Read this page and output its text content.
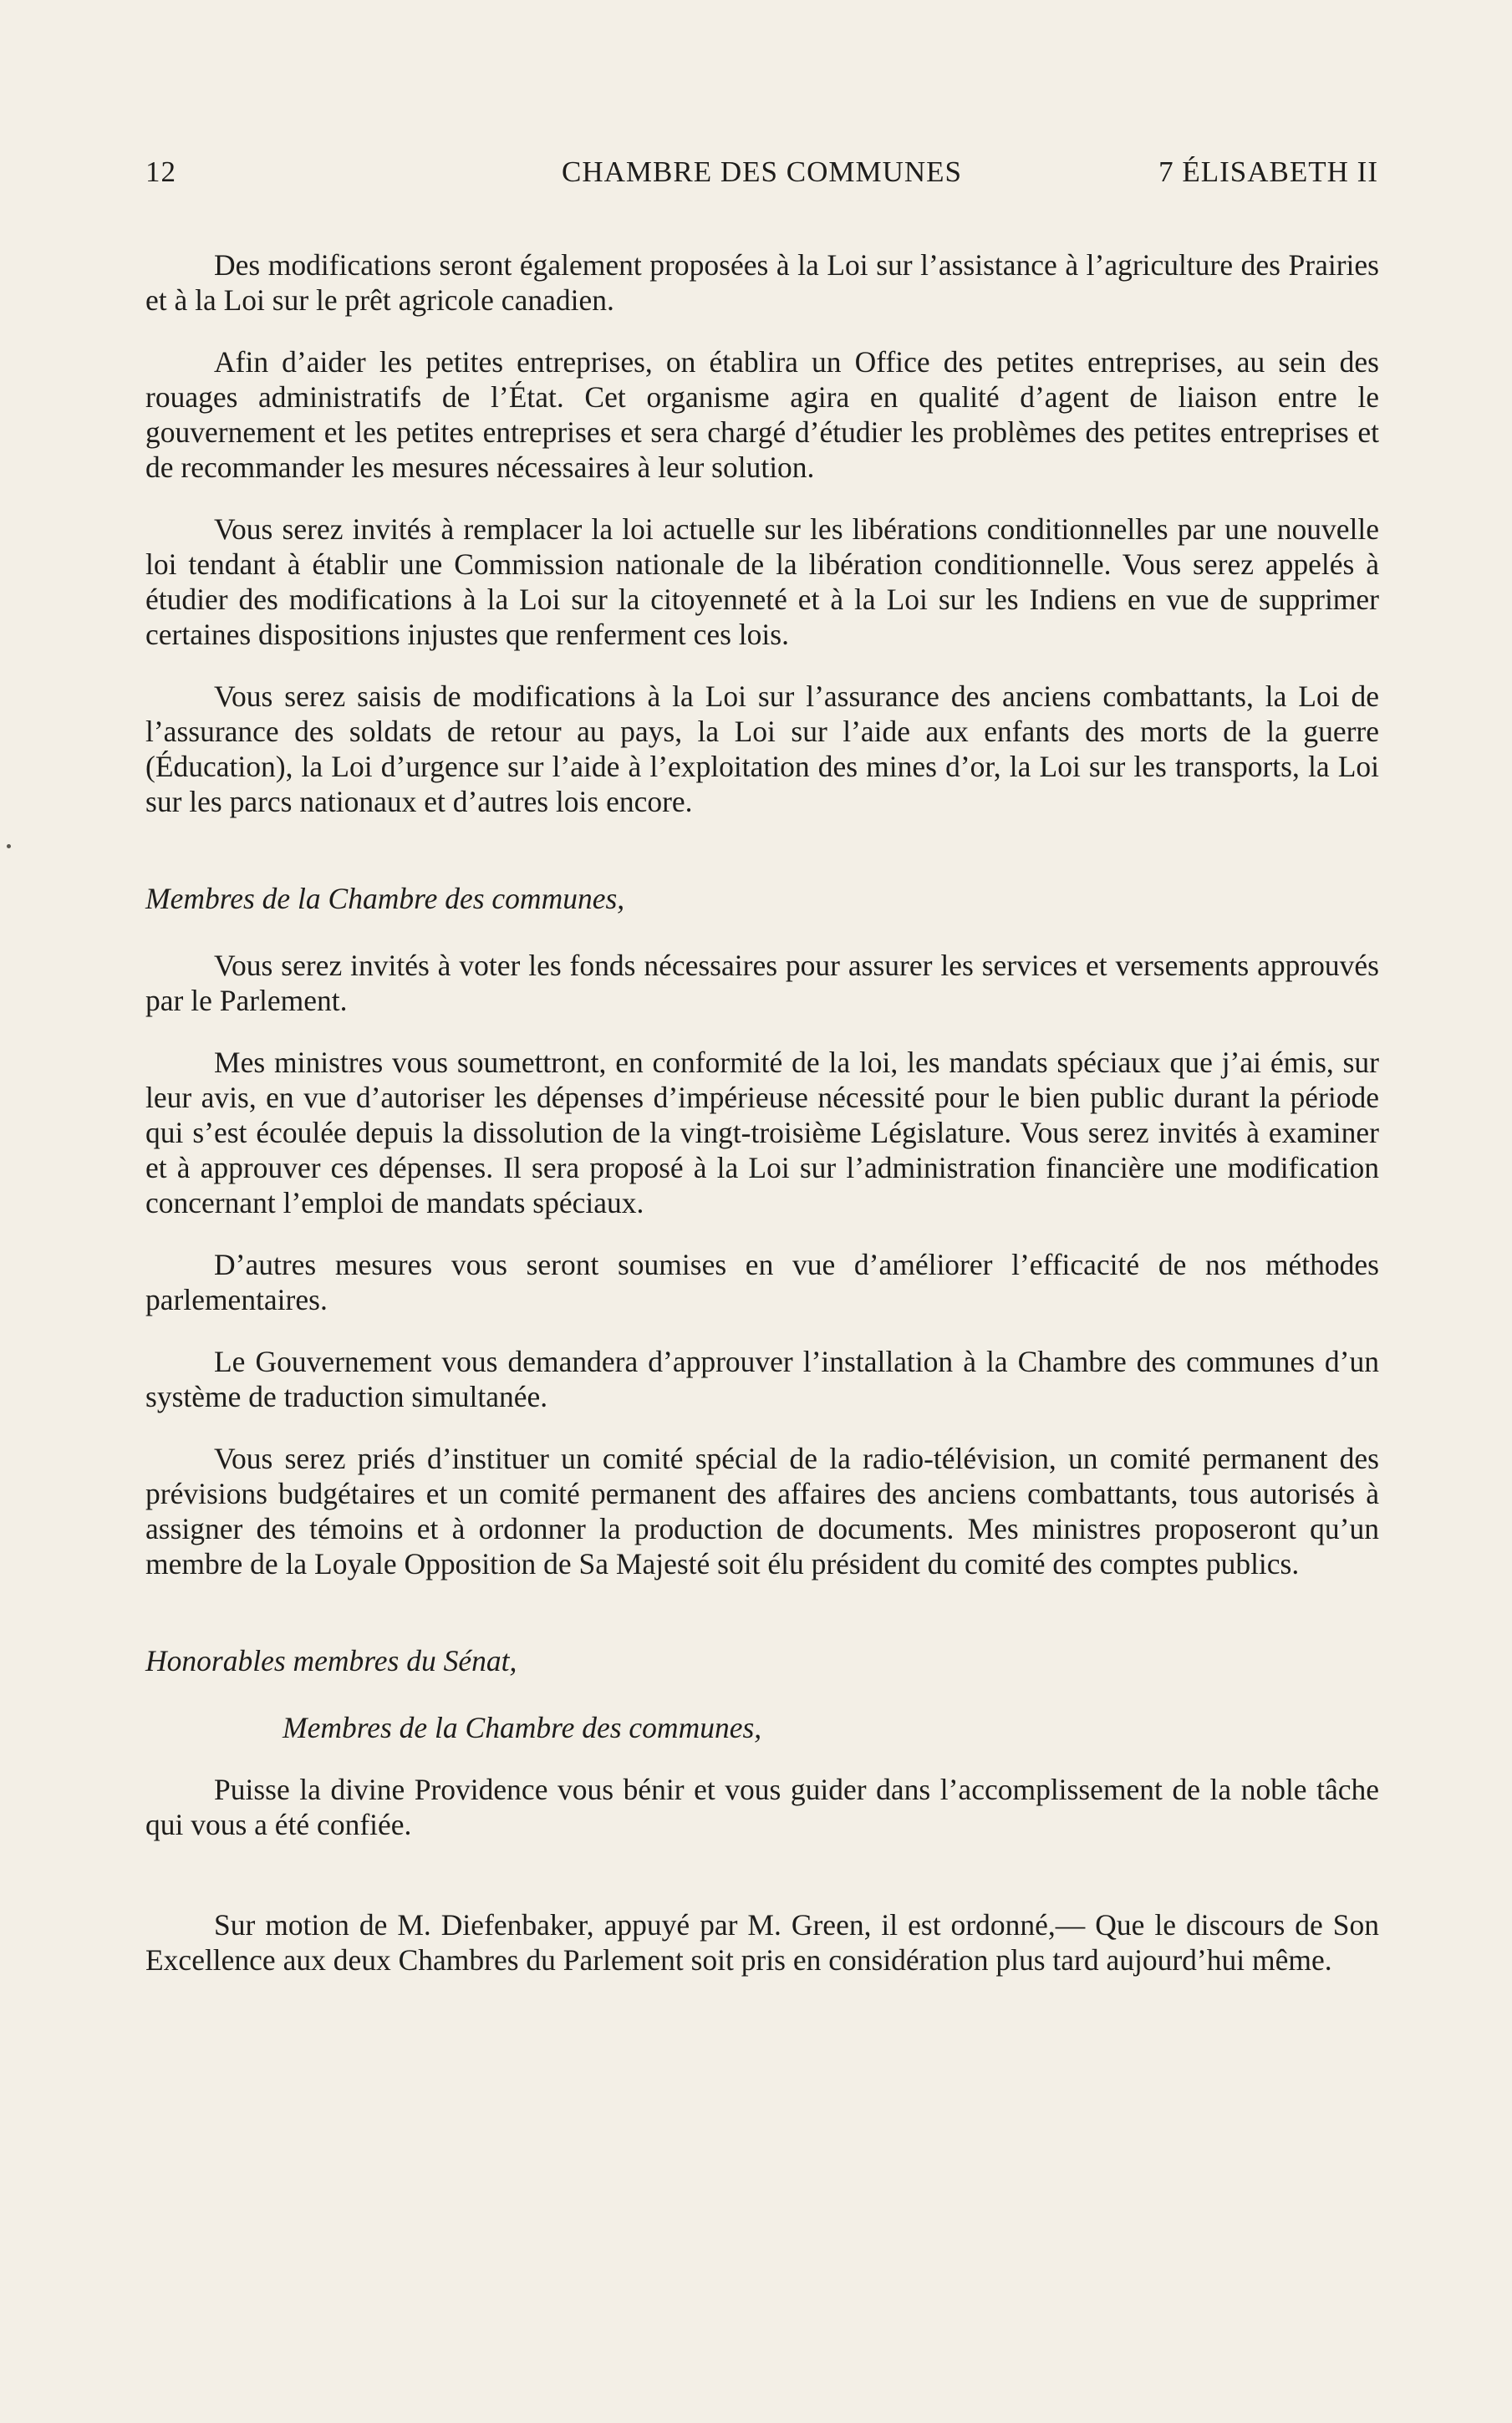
12	CHAMBRE DES COMMUNES	7 ÉLISABETH II

Des modifications seront également proposées à la Loi sur l’assistance à l’agriculture des Prairies et à la Loi sur le prêt agricole canadien.

Afin d’aider les petites entreprises, on établira un Office des petites entreprises, au sein des rouages administratifs de l’État. Cet organisme agira en qualité d’agent de liaison entre le gouvernement et les petites entreprises et sera chargé d’étudier les problèmes des petites entreprises et de recommander les mesures nécessaires à leur solution.

Vous serez invités à remplacer la loi actuelle sur les libérations conditionnelles par une nouvelle loi tendant à établir une Commission nationale de la libération conditionnelle. Vous serez appelés à étudier des modifications à la Loi sur la citoyenneté et à la Loi sur les Indiens en vue de supprimer certaines dispositions injustes que renferment ces lois.

Vous serez saisis de modifications à la Loi sur l’assurance des anciens combattants, la Loi de l’assurance des soldats de retour au pays, la Loi sur l’aide aux enfants des morts de la guerre (Éducation), la Loi d’urgence sur l’aide à l’exploitation des mines d’or, la Loi sur les transports, la Loi sur les parcs nationaux et d’autres lois encore.

Membres de la Chambre des communes,

Vous serez invités à voter les fonds nécessaires pour assurer les services et versements approuvés par le Parlement.

Mes ministres vous soumettront, en conformité de la loi, les mandats spéciaux que j’ai émis, sur leur avis, en vue d’autoriser les dépenses d’impérieuse nécessité pour le bien public durant la période qui s’est écoulée depuis la dissolution de la vingt-troisième Législature. Vous serez invités à examiner et à approuver ces dépenses. Il sera proposé à la Loi sur l’administration financière une modification concernant l’emploi de mandats spéciaux.

D’autres mesures vous seront soumises en vue d’améliorer l’efficacité de nos méthodes parlementaires.

Le Gouvernement vous demandera d’approuver l’installation à la Chambre des communes d’un système de traduction simultanée.

Vous serez priés d’instituer un comité spécial de la radio-télévision, un comité permanent des prévisions budgétaires et un comité permanent des affaires des anciens combattants, tous autorisés à assigner des témoins et à ordonner la production de documents. Mes ministres proposeront qu’un membre de la Loyale Opposition de Sa Majesté soit élu président du comité des comptes publics.

Honorables membres du Sénat,

Membres de la Chambre des communes,

Puisse la divine Providence vous bénir et vous guider dans l’accomplissement de la noble tâche qui vous a été confiée.

Sur motion de M. Diefenbaker, appuyé par M. Green, il est ordonné,— Que le discours de Son Excellence aux deux Chambres du Parlement soit pris en considération plus tard aujourd’hui même.
